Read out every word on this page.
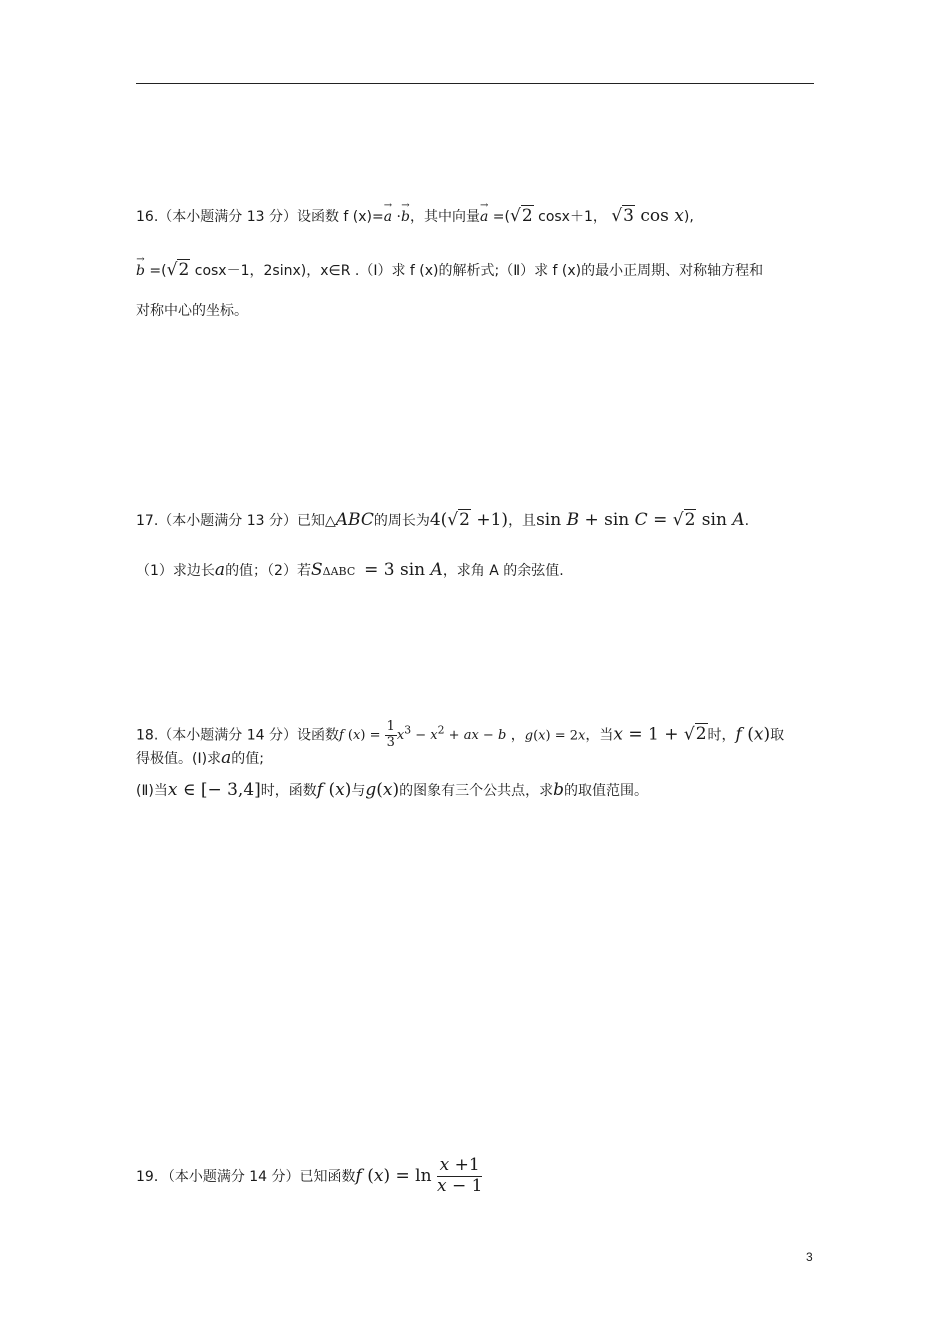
16.（本小题满分 13 分）设函数 f (x)=→ a ·→ b，其中向量→ a =(√2 cosx＋1， √3 cos x),
→ b =(√2 cosx－1，2sinx)，x∈R .（Ⅰ）求 f (x)的解析式;（Ⅱ）求 f (x)的最小正周期、对称轴方程和
对称中心的坐标。
17.（本小题满分 13 分）已知△ABC的周长为4(√2 +1)，且sin B + sin C = √2 sin A.
（1）求边长a的值；（2）若SΔABC = 3 sin A，求角 A 的余弦值.
18.（本小题满分 14 分）设函数f $(x) = \frac{1}{3} x^3 - x^2$ + ax − b ，g(x) = 2x，当x = 1 + √2时，f (x)取
得极值。(Ⅰ)求a的值;
(Ⅱ)当x ∈ [− 3,4]时，函数f (x)与g(x)的图象有三个公共点，求b的取值范围。
19．（本小题满分 14 分）已知函数f $(x) = \ln \frac{x +1}{x - 1}$
3
